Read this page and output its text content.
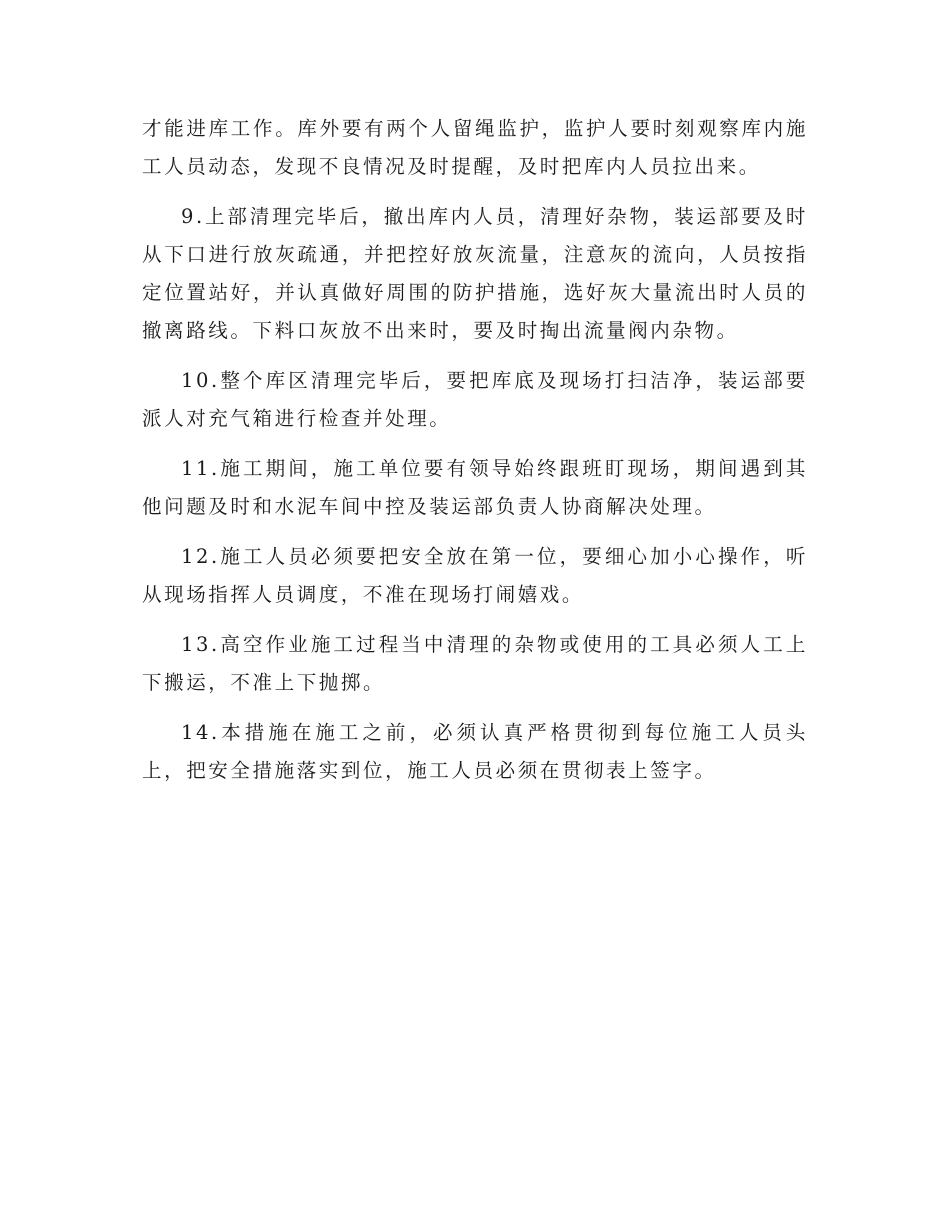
才能进库工作。库外要有两个人留绳监护，监护人要时刻观察库内施工人员动态，发现不良情况及时提醒，及时把库内人员拉出来。

9.上部清理完毕后，撤出库内人员，清理好杂物，装运部要及时从下口进行放灰疏通，并把控好放灰流量，注意灰的流向，人员按指定位置站好，并认真做好周围的防护措施，选好灰大量流出时人员的撤离路线。下料口灰放不出来时，要及时掏出流量阀内杂物。

10.整个库区清理完毕后，要把库底及现场打扫洁净，装运部要派人对充气箱进行检查并处理。

11.施工期间，施工单位要有领导始终跟班盯现场，期间遇到其他问题及时和水泥车间中控及装运部负责人协商解决处理。

12.施工人员必须要把安全放在第一位，要细心加小心操作，听从现场指挥人员调度，不准在现场打闹嬉戏。

13.高空作业施工过程当中清理的杂物或使用的工具必须人工上下搬运，不准上下抛掷。

14.本措施在施工之前，必须认真严格贯彻到每位施工人员头上，把安全措施落实到位，施工人员必须在贯彻表上签字。
